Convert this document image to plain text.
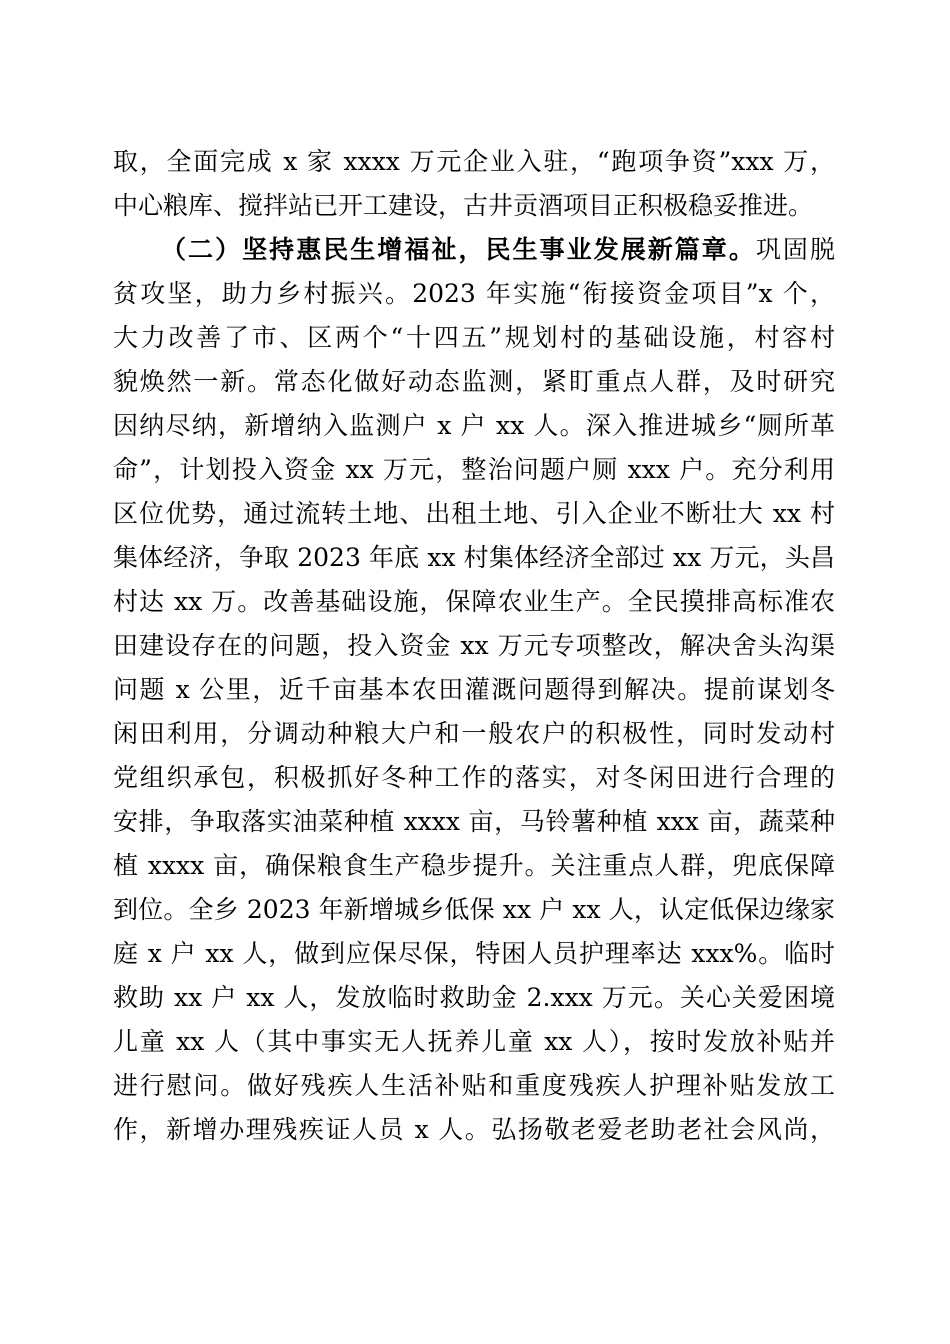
取，全面完成 x 家 xxxx 万元企业入驻，“跑项争资”xxx 万，
中心粮库、搅拌站已开工建设，古井贡酒项目正积极稳妥推进。
（二）坚持惠民生增福祉，民生事业发展新篇章。巩固脱
贫攻坚，助力乡村振兴。2023 年实施“衔接资金项目”x 个，
大力改善了市、区两个“十四五”规划村的基础设施，村容村
貌焕然一新。常态化做好动态监测，紧盯重点人群，及时研究
因纳尽纳，新增纳入监测户 x 户 xx 人。深入推进城乡“厕所革
命”，计划投入资金 xx 万元，整治问题户厕 xxx 户。充分利用
区位优势，通过流转土地、出租土地、引入企业不断壮大 xx 村
集体经济，争取 2023 年底 xx 村集体经济全部过 xx 万元，头昌
村达 xx 万。改善基础设施，保障农业生产。全民摸排高标准农
田建设存在的问题，投入资金 xx 万元专项整改，解决舍头沟渠
问题 x 公里，近千亩基本农田灌溉问题得到解决。提前谋划冬
闲田利用，分调动种粮大户和一般农户的积极性，同时发动村
党组织承包，积极抓好冬种工作的落实，对冬闲田进行合理的
安排，争取落实油菜种植 xxxx 亩，马铃薯种植 xxx 亩，蔬菜种
植 xxxx 亩，确保粮食生产稳步提升。关注重点人群，兜底保障
到位。全乡 2023 年新增城乡低保 xx 户 xx 人，认定低保边缘家
庭 x 户 xx 人，做到应保尽保，特困人员护理率达 xxx%。临时
救助 xx 户 xx 人，发放临时救助金 2.xxx 万元。关心关爱困境
儿童 xx 人（其中事实无人抚养儿童 xx 人），按时发放补贴并
进行慰问。做好残疾人生活补贴和重度残疾人护理补贴发放工
作，新增办理残疾证人员 x 人。弘扬敬老爱老助老社会风尚，
